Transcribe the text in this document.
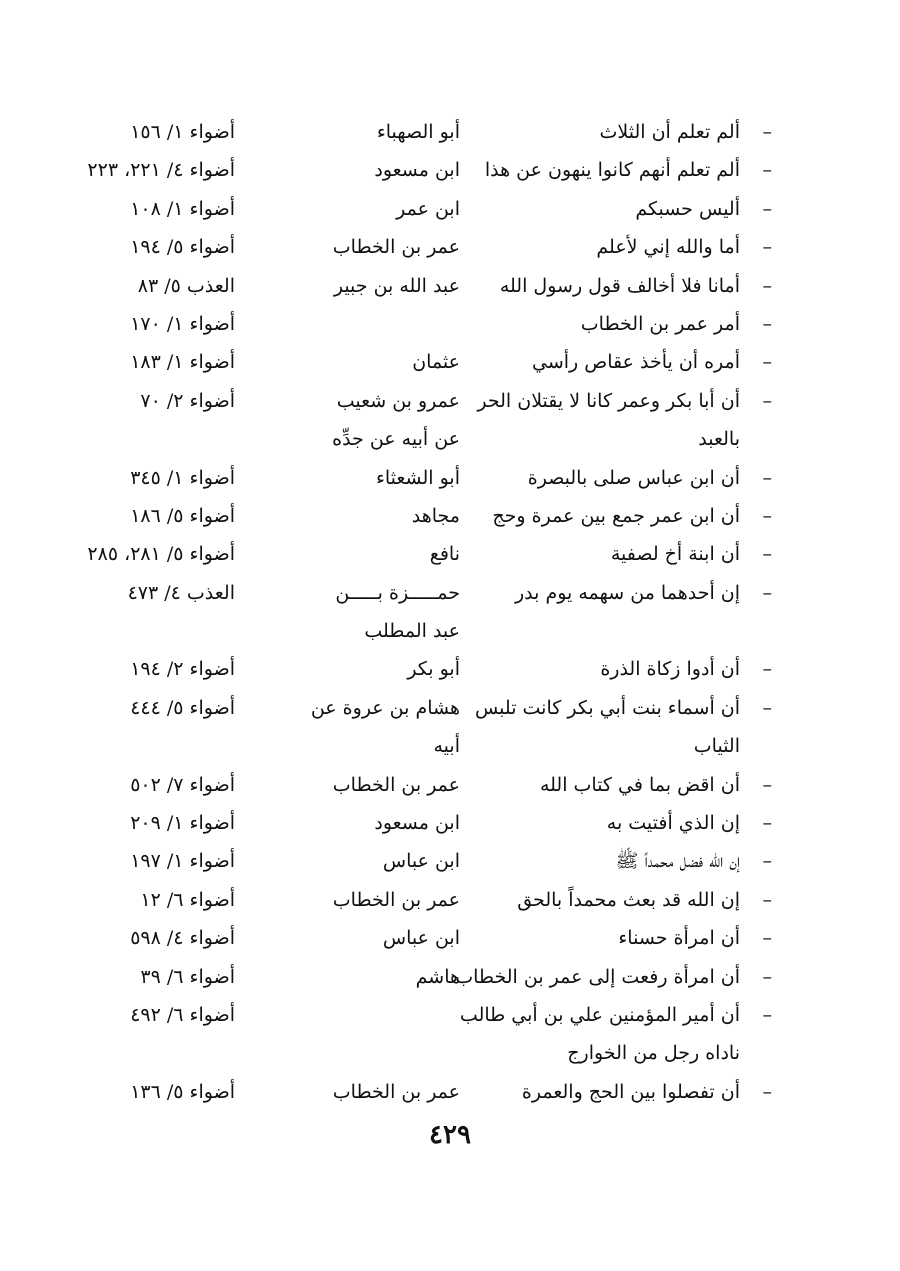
–
ألم تعلم أن الثلاث
أبو الصهباء
أضواء ١/ ١٥٦
–
ألم تعلم أنهم كانوا ينهون عن هذا
ابن مسعود
أضواء ٤/ ٢٢١، ٢٢٣
–
أليس حسبكم
ابن عمر
أضواء ١/ ١٠٨
–
أما والله إني لأعلم
عمر بن الخطاب
أضواء ٥/ ١٩٤
–
أمانا فلا أخالف قول رسول الله
عبد الله بن جبير
العذب ٥/ ٨٣
–
أمر عمر بن الخطاب
أضواء ١/ ١٧٠
–
أمره أن يأخذ عقاص رأسي
عثمان
أضواء ١/ ١٨٣
–
أن أبا بكر وعمر كانا لا يقتلان الحر
عمرو بن شعيب
أضواء ٢/ ٧٠
بالعبد
عن أبيه عن جدِّه
–
أن ابن عباس صلى بالبصرة
أبو الشعثاء
أضواء ١/ ٣٤٥
–
أن ابن عمر جمع بين عمرة وحج
مجاهد
أضواء ٥/ ١٨٦
–
أن ابنة أخ لصفية
نافع
أضواء ٥/ ٢٨١، ٢٨٥
–
إن أحدهما من سهمه يوم بدر
حمـــــزة بـــــن
العذب ٤/ ٤٧٣
عبد المطلب
–
أن أدوا زكاة الذرة
أبو بكر
أضواء ٢/ ١٩٤
–
أن أسماء بنت أبي بكر كانت تلبس
هشام بن عروة عن
أضواء ٥/ ٤٤٤
الثياب
أبيه
–
أن اقض بما في كتاب الله
عمر بن الخطاب
أضواء ٧/ ٥٠٢
–
إن الذي أفتيت به
ابن مسعود
أضواء ١/ ٢٠٩
–
إن الله فضل محمداً ﷺ
ابن عباس
أضواء ١/ ١٩٧
–
إن الله قد بعث محمداً بالحق
عمر بن الخطاب
أضواء ٦/ ١٢
–
أن امرأة حسناء
ابن عباس
أضواء ٤/ ٥٩٨
–
أن امرأة رفعت إلى عمر بن الخطاب
هاشم
أضواء ٦/ ٣٩
–
أن أمير المؤمنين علي بن أبي طالب
أضواء ٦/ ٤٩٢
ناداه رجل من الخوارج
–
أن تفصلوا بين الحج والعمرة
عمر بن الخطاب
أضواء ٥/ ١٣٦
٤٢٩
